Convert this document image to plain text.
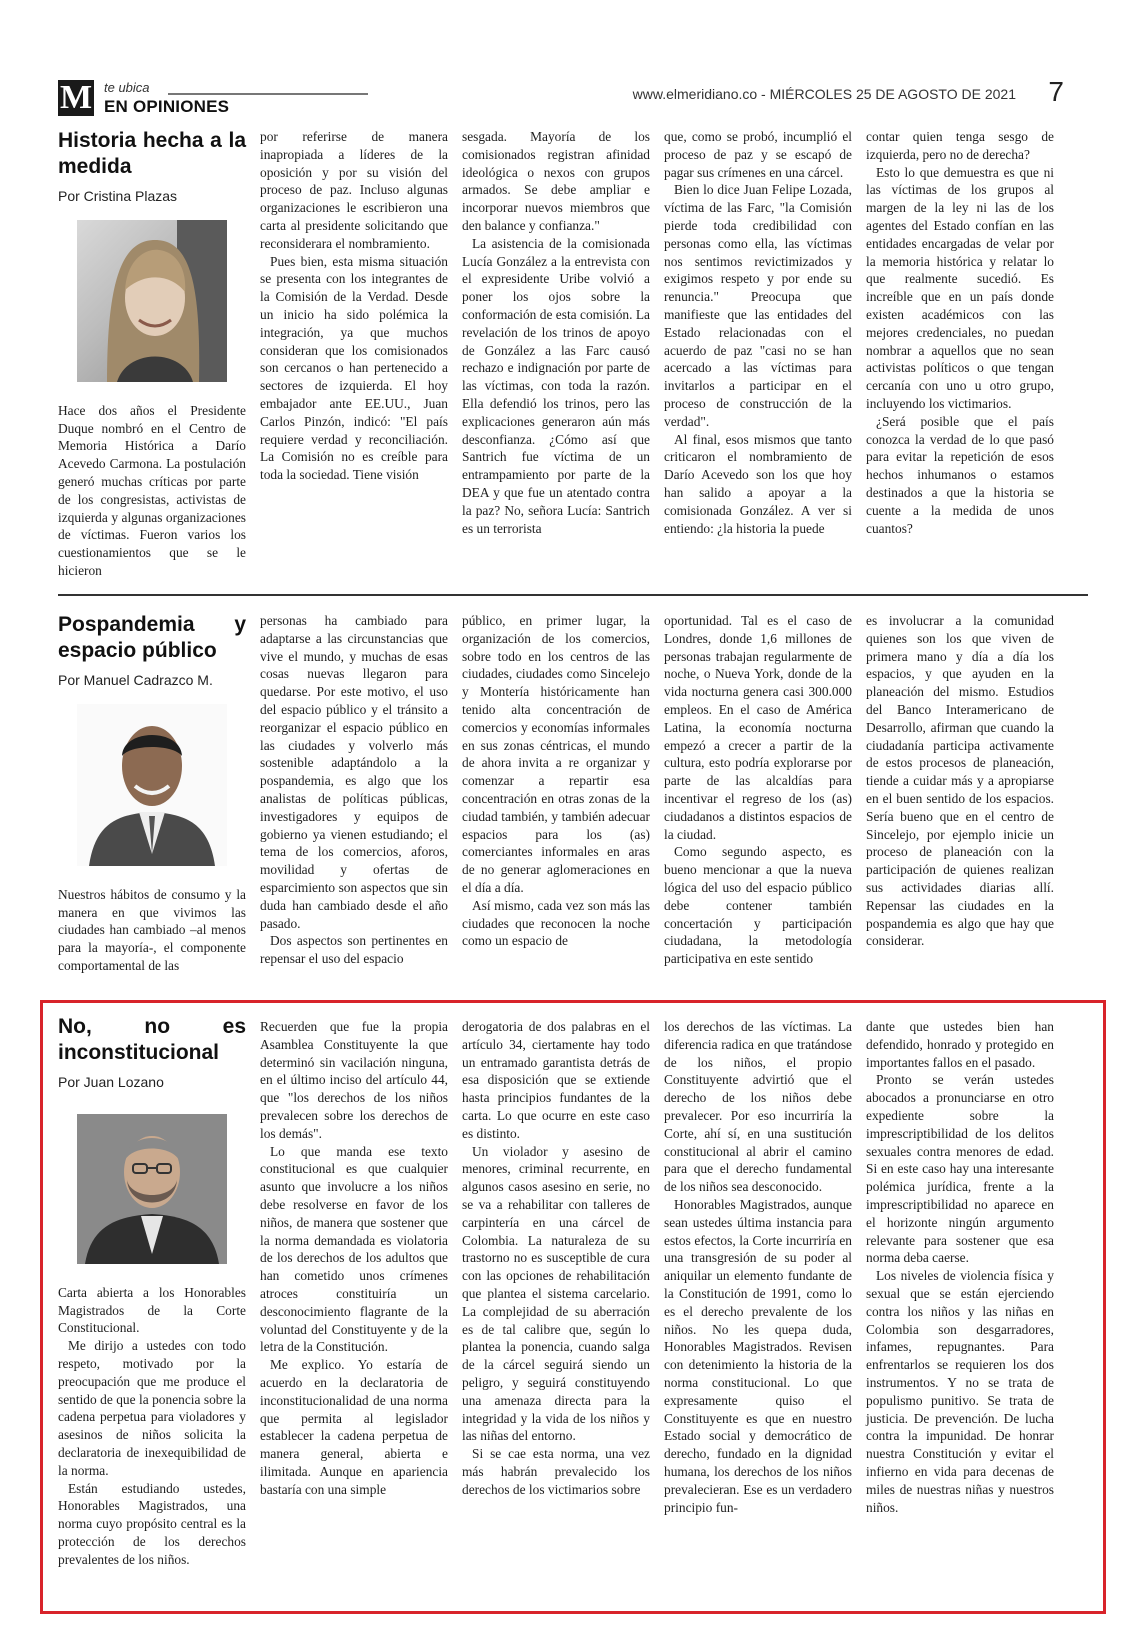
M te ubica
EN OPINIONES
www.elmeridiano.co - MIÉRCOLES 25 DE AGOSTO DE 2021 7
Historia hecha a la medida
Por Cristina Plazas

Hace dos años el Presidente Duque nombró en el Centro de Memoria Histórica a Darío Acevedo Carmona. La postulación generó muchas críticas por parte de los congresistas, activistas de izquierda y algunas organizaciones de víctimas. Fueron varios los cuestionamientos que se le hicieron

por referirse de manera inapropiada a líderes de la oposición y por su visión del proceso de paz. Incluso algunas organizaciones le escribieron una carta al presidente solicitando que reconsiderara el nombramiento.

Pues bien, esta misma situación se presenta con los integrantes de la Comisión de la Verdad. Desde un inicio ha sido polémica la integración, ya que muchos consideran que los comisionados son cercanos o han pertenecido a sectores de izquierda. El hoy embajador ante EE.UU., Juan Carlos Pinzón, indicó: "El país requiere verdad y reconciliación. La Comisión no es creíble para toda la sociedad. Tiene visión

sesgada. Mayoría de los comisionados registran afinidad ideológica o nexos con grupos armados. Se debe ampliar e incorporar nuevos miembros que den balance y confianza."

La asistencia de la comisionada Lucía González a la entrevista con el expresidente Uribe volvió a poner los ojos sobre la conformación de esta comisión. La revelación de los trinos de apoyo de González a las Farc causó rechazo e indignación por parte de las víctimas, con toda la razón. Ella defendió los trinos, pero las explicaciones generaron aún más desconfianza. ¿Cómo así que Santrich fue víctima de un entrampamiento por parte de la DEA y que fue un atentado contra la paz? No, señora Lucía: Santrich es un terrorista

que, como se probó, incumplió el proceso de paz y se escapó de pagar sus crímenes en una cárcel.

Bien lo dice Juan Felipe Lozada, víctima de las Farc, "la Comisión pierde toda credibilidad con personas como ella, las víctimas nos sentimos revictimizados y exigimos respeto y por ende su renuncia." Preocupa que manifieste que las entidades del Estado relacionadas con el acuerdo de paz "casi no se han acercado a las víctimas para invitarlos a participar en el proceso de construcción de la verdad".

Al final, esos mismos que tanto criticaron el nombramiento de Darío Acevedo son los que hoy han salido a apoyar a la comisionada González. A ver si entiendo: ¿la historia la puede

contar quien tenga sesgo de izquierda, pero no de derecha?

Esto lo que demuestra es que ni las víctimas de los grupos al margen de la ley ni las de los agentes del Estado confían en las entidades encargadas de velar por la memoria histórica y relatar lo que realmente sucedió. Es increíble que en un país donde existen académicos con las mejores credenciales, no puedan nombrar a aquellos que no sean activistas políticos o que tengan cercanía con uno u otro grupo, incluyendo los victimarios.

¿Será posible que el país conozca la verdad de lo que pasó para evitar la repetición de esos hechos inhumanos o estamos destinados a que la historia se cuente a la medida de unos cuantos?

Pospandemia y espacio público
Por Manuel Cadrazco M.

Nuestros hábitos de consumo y la manera en que vivimos las ciudades han cambiado –al menos para la mayoría-, el componente comportamental de las

personas ha cambiado para adaptarse a las circunstancias que vive el mundo, y muchas de esas cosas nuevas llegaron para quedarse. Por este motivo, el uso del espacio público y el tránsito a reorganizar el espacio público en las ciudades y volverlo más sostenible adaptándolo a la pospandemia, es algo que los analistas de políticas públicas, investigadores y equipos de gobierno ya vienen estudiando; el tema de los comercios, aforos, movilidad y ofertas de esparcimiento son aspectos que sin duda han cambiado desde el año pasado.

Dos aspectos son pertinentes en repensar el uso del espacio

público, en primer lugar, la organización de los comercios, sobre todo en los centros de las ciudades, ciudades como Sincelejo y Montería históricamente han tenido alta concentración de comercios y economías informales en sus zonas céntricas, el mundo de ahora invita a re organizar y comenzar a repartir esa concentración en otras zonas de la ciudad también, y también adecuar espacios para los (as) comerciantes informales en aras de no generar aglomeraciones en el día a día.

Así mismo, cada vez son más las ciudades que reconocen la noche como un espacio de

oportunidad. Tal es el caso de Londres, donde 1,6 millones de personas trabajan regularmente de noche, o Nueva York, donde de la vida nocturna genera casi 300.000 empleos. En el caso de América Latina, la economía nocturna empezó a crecer a partir de la cultura, esto podría explorarse por parte de las alcaldías para incentivar el regreso de los (as) ciudadanos a distintos espacios de la ciudad.

Como segundo aspecto, es bueno mencionar a que la nueva lógica del uso del espacio público debe contener también concertación y participación ciudadana, la metodología participativa en este sentido

es involucrar a la comunidad quienes son los que viven de primera mano y día a día los espacios, y que ayuden en la planeación del mismo. Estudios del Banco Interamericano de Desarrollo, afirman que cuando la ciudadanía participa activamente de estos procesos de planeación, tiende a cuidar más y a apropiarse en el buen sentido de los espacios. Sería bueno que en el centro de Sincelejo, por ejemplo inicie un proceso de planeación con la participación de quienes realizan sus actividades diarias allí. Repensar las ciudades en la pospandemia es algo que hay que considerar.

No, no es inconstitucional
Por Juan Lozano

Carta abierta a los Honorables Magistrados de la Corte Constitucional.

Me dirijo a ustedes con todo respeto, motivado por la preocupación que me produce el sentido de que la ponencia sobre la cadena perpetua para violadores y asesinos de niños solicita la declaratoria de inexequibilidad de la norma.

Están estudiando ustedes, Honorables Magistrados, una norma cuyo propósito central es la protección de los derechos prevalentes de los niños.

Recuerden que fue la propia Asamblea Constituyente la que determinó sin vacilación ninguna, en el último inciso del artículo 44, que "los derechos de los niños prevalecen sobre los derechos de los demás".

Lo que manda ese texto constitucional es que cualquier asunto que involucre a los niños debe resolverse en favor de los niños, de manera que sostener que la norma demandada es violatoria de los derechos de los adultos que han cometido unos crímenes atroces constituiría un desconocimiento flagrante de la voluntad del Constituyente y de la letra de la Constitución.

Me explico. Yo estaría de acuerdo en la declaratoria de inconstitucionalidad de una norma que permita al legislador establecer la cadena perpetua de manera general, abierta e ilimitada. Aunque en apariencia bastaría con una simple

derogatoria de dos palabras en el artículo 34, ciertamente hay todo un entramado garantista detrás de esa disposición que se extiende hasta principios fundantes de la carta. Lo que ocurre en este caso es distinto.

Un violador y asesino de menores, criminal recurrente, en algunos casos asesino en serie, no se va a rehabilitar con talleres de carpintería en una cárcel de Colombia. La naturaleza de su trastorno no es susceptible de cura con las opciones de rehabilitación que plantea el sistema carcelario. La complejidad de su aberración es de tal calibre que, según lo plantea la ponencia, cuando salga de la cárcel seguirá siendo un peligro, y seguirá constituyendo una amenaza directa para la integridad y la vida de los niños y las niñas del entorno.

Si se cae esta norma, una vez más habrán prevalecido los derechos de los victimarios sobre

los derechos de las víctimas. La diferencia radica en que tratándose de los niños, el propio Constituyente advirtió que el derecho de los niños debe prevalecer. Por eso incurriría la Corte, ahí sí, en una sustitución constitucional al abrir el camino para que el derecho fundamental de los niños sea desconocido.

Honorables Magistrados, aunque sean ustedes última instancia para estos efectos, la Corte incurriría en una transgresión de su poder al aniquilar un elemento fundante de la Constitución de 1991, como lo es el derecho prevalente de los niños. No les quepa duda, Honorables Magistrados. Revisen con detenimiento la historia de la norma constitucional. Lo que expresamente quiso el Constituyente es que en nuestro Estado social y democrático de derecho, fundado en la dignidad humana, los derechos de los niños prevalecieran. Ese es un verdadero principio fun-

dante que ustedes bien han defendido, honrado y protegido en importantes fallos en el pasado.

Pronto se verán ustedes abocados a pronunciarse en otro expediente sobre la imprescriptibilidad de los delitos sexuales contra menores de edad. Si en este caso hay una interesante polémica jurídica, frente a la imprescriptibilidad no aparece en el horizonte ningún argumento relevante para sostener que esa norma deba caerse.

Los niveles de violencia física y sexual que se están ejerciendo contra los niños y las niñas en Colombia son desgarradores, infames, repugnantes. Para enfrentarlos se requieren los dos instrumentos. Y no se trata de populismo punitivo. Se trata de justicia. De prevención. De lucha contra la impunidad. De honrar nuestra Constitución y evitar el infierno en vida para decenas de miles de nuestras niñas y nuestros niños.
